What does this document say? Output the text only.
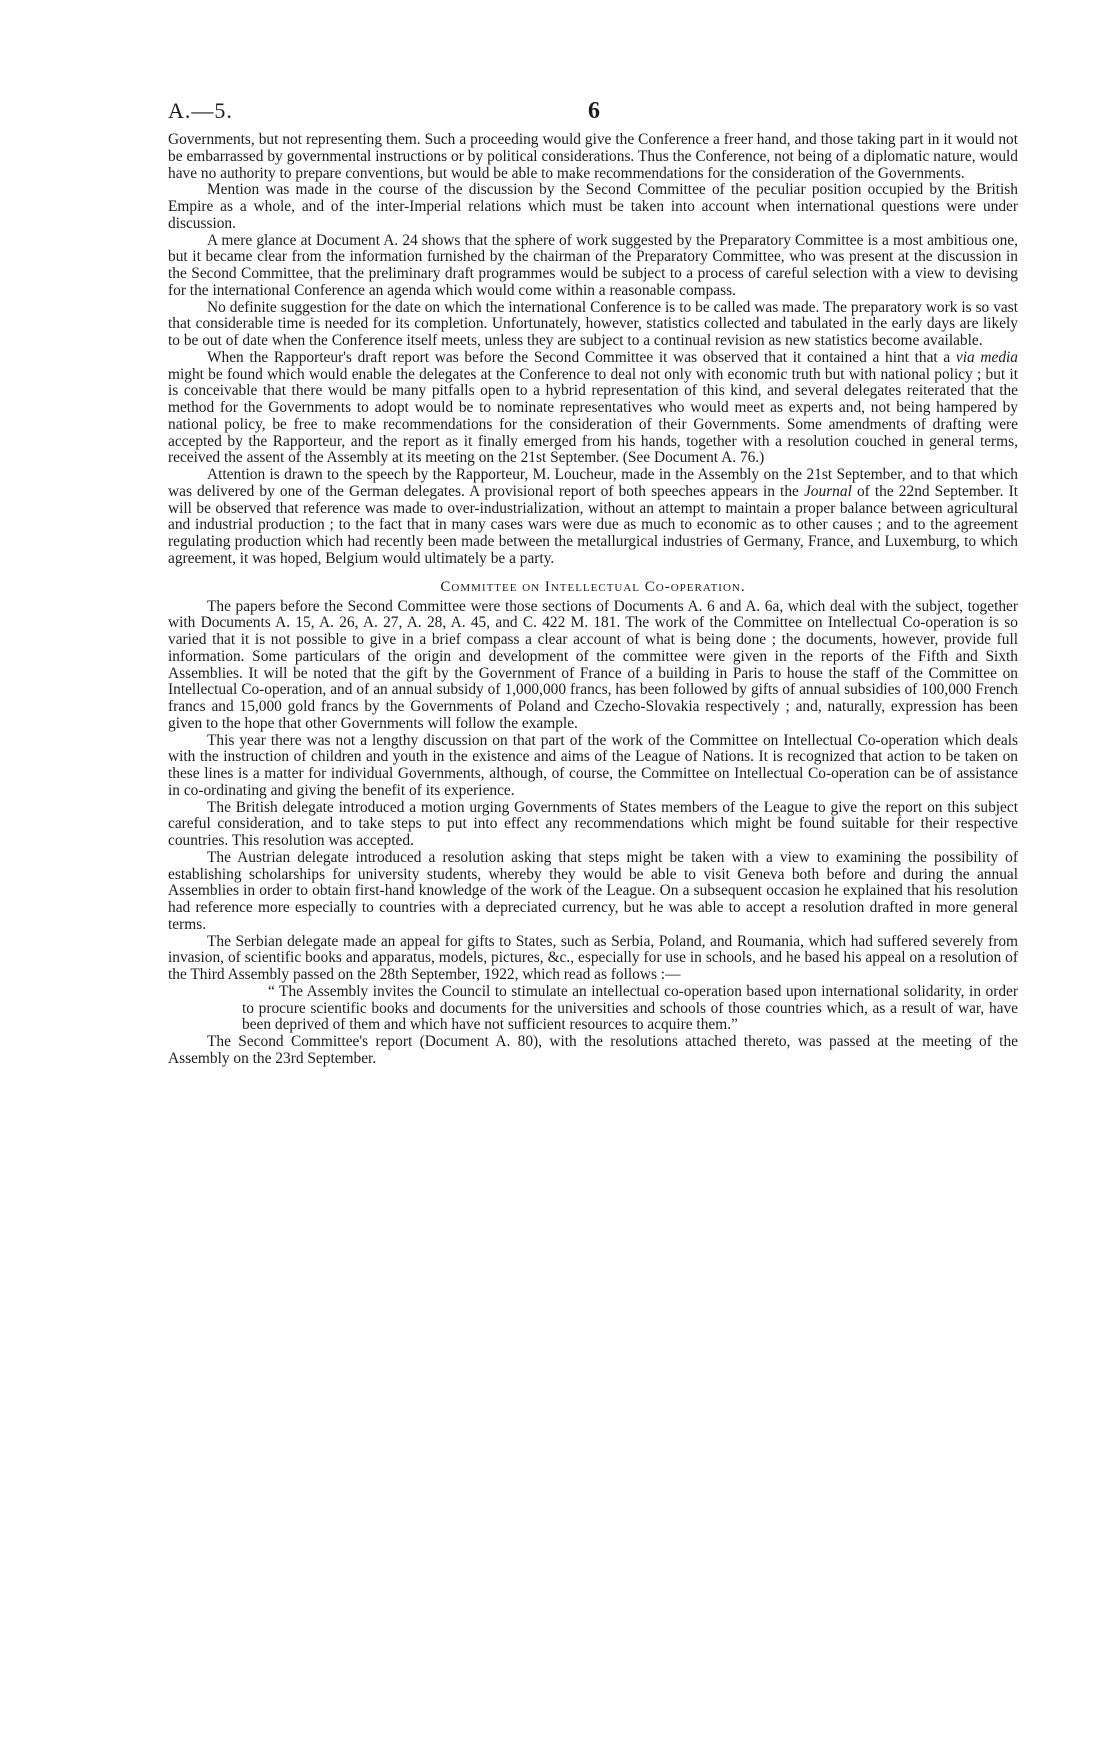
A.—5.	6

Governments, but not representing them. Such a proceeding would give the Conference a freer hand, and those taking part in it would not be embarrassed by governmental instructions or by political considerations. Thus the Conference, not being of a diplomatic nature, would have no authority to prepare conventions, but would be able to make recommendations for the consideration of the Governments.

Mention was made in the course of the discussion by the Second Committee of the peculiar position occupied by the British Empire as a whole, and of the inter-Imperial relations which must be taken into account when international questions were under discussion.

A mere glance at Document A. 24 shows that the sphere of work suggested by the Preparatory Committee is a most ambitious one, but it became clear from the information furnished by the chairman of the Preparatory Committee, who was present at the discussion in the Second Committee, that the preliminary draft programmes would be subject to a process of careful selection with a view to devising for the international Conference an agenda which would come within a reasonable compass.

No definite suggestion for the date on which the international Conference is to be called was made. The preparatory work is so vast that considerable time is needed for its completion. Unfortunately, however, statistics collected and tabulated in the early days are likely to be out of date when the Conference itself meets, unless they are subject to a continual revision as new statistics become available.

When the Rapporteur's draft report was before the Second Committee it was observed that it contained a hint that a via media might be found which would enable the delegates at the Conference to deal not only with economic truth but with national policy ; but it is conceivable that there would be many pitfalls open to a hybrid representation of this kind, and several delegates reiterated that the method for the Governments to adopt would be to nominate representatives who would meet as experts and, not being hampered by national policy, be free to make recommendations for the consideration of their Governments. Some amendments of drafting were accepted by the Rapporteur, and the report as it finally emerged from his hands, together with a resolution couched in general terms, received the assent of the Assembly at its meeting on the 21st September. (See Document A. 76.)

Attention is drawn to the speech by the Rapporteur, M. Loucheur, made in the Assembly on the 21st September, and to that which was delivered by one of the German delegates. A provisional report of both speeches appears in the Journal of the 22nd September. It will be observed that reference was made to over-industrialization, without an attempt to maintain a proper balance between agricultural and industrial production ; to the fact that in many cases wars were due as much to economic as to other causes ; and to the agreement regulating production which had recently been made between the metallurgical industries of Germany, France, and Luxemburg, to which agreement, it was hoped, Belgium would ultimately be a party.

Committee on Intellectual Co-operation.

The papers before the Second Committee were those sections of Documents A. 6 and A. 6a, which deal with the subject, together with Documents A. 15, A. 26, A. 27, A. 28, A. 45, and C. 422 M. 181. The work of the Committee on Intellectual Co-operation is so varied that it is not possible to give in a brief compass a clear account of what is being done ; the documents, however, provide full information. Some particulars of the origin and development of the committee were given in the reports of the Fifth and Sixth Assemblies. It will be noted that the gift by the Government of France of a building in Paris to house the staff of the Committee on Intellectual Co-operation, and of an annual subsidy of 1,000,000 francs, has been followed by gifts of annual subsidies of 100,000 French francs and 15,000 gold francs by the Governments of Poland and Czecho-Slovakia respectively ; and, naturally, expression has been given to the hope that other Governments will follow the example.

This year there was not a lengthy discussion on that part of the work of the Committee on Intellectual Co-operation which deals with the instruction of children and youth in the existence and aims of the League of Nations. It is recognized that action to be taken on these lines is a matter for individual Governments, although, of course, the Committee on Intellectual Co-operation can be of assistance in co-ordinating and giving the benefit of its experience.

The British delegate introduced a motion urging Governments of States members of the League to give the report on this subject careful consideration, and to take steps to put into effect any recommendations which might be found suitable for their respective countries. This resolution was accepted.

The Austrian delegate introduced a resolution asking that steps might be taken with a view to examining the possibility of establishing scholarships for university students, whereby they would be able to visit Geneva both before and during the annual Assemblies in order to obtain first-hand knowledge of the work of the League. On a subsequent occasion he explained that his resolution had reference more especially to countries with a depreciated currency, but he was able to accept a resolution drafted in more general terms.

The Serbian delegate made an appeal for gifts to States, such as Serbia, Poland, and Roumania, which had suffered severely from invasion, of scientific books and apparatus, models, pictures, &c., especially for use in schools, and he based his appeal on a resolution of the Third Assembly passed on the 28th September, 1922, which read as follows :—

“ The Assembly invites the Council to stimulate an intellectual co-operation based upon international solidarity, in order to procure scientific books and documents for the universities and schools of those countries which, as a result of war, have been deprived of them and which have not sufficient resources to acquire them.”

The Second Committee's report (Document A. 80), with the resolutions attached thereto, was passed at the meeting of the Assembly on the 23rd September.
